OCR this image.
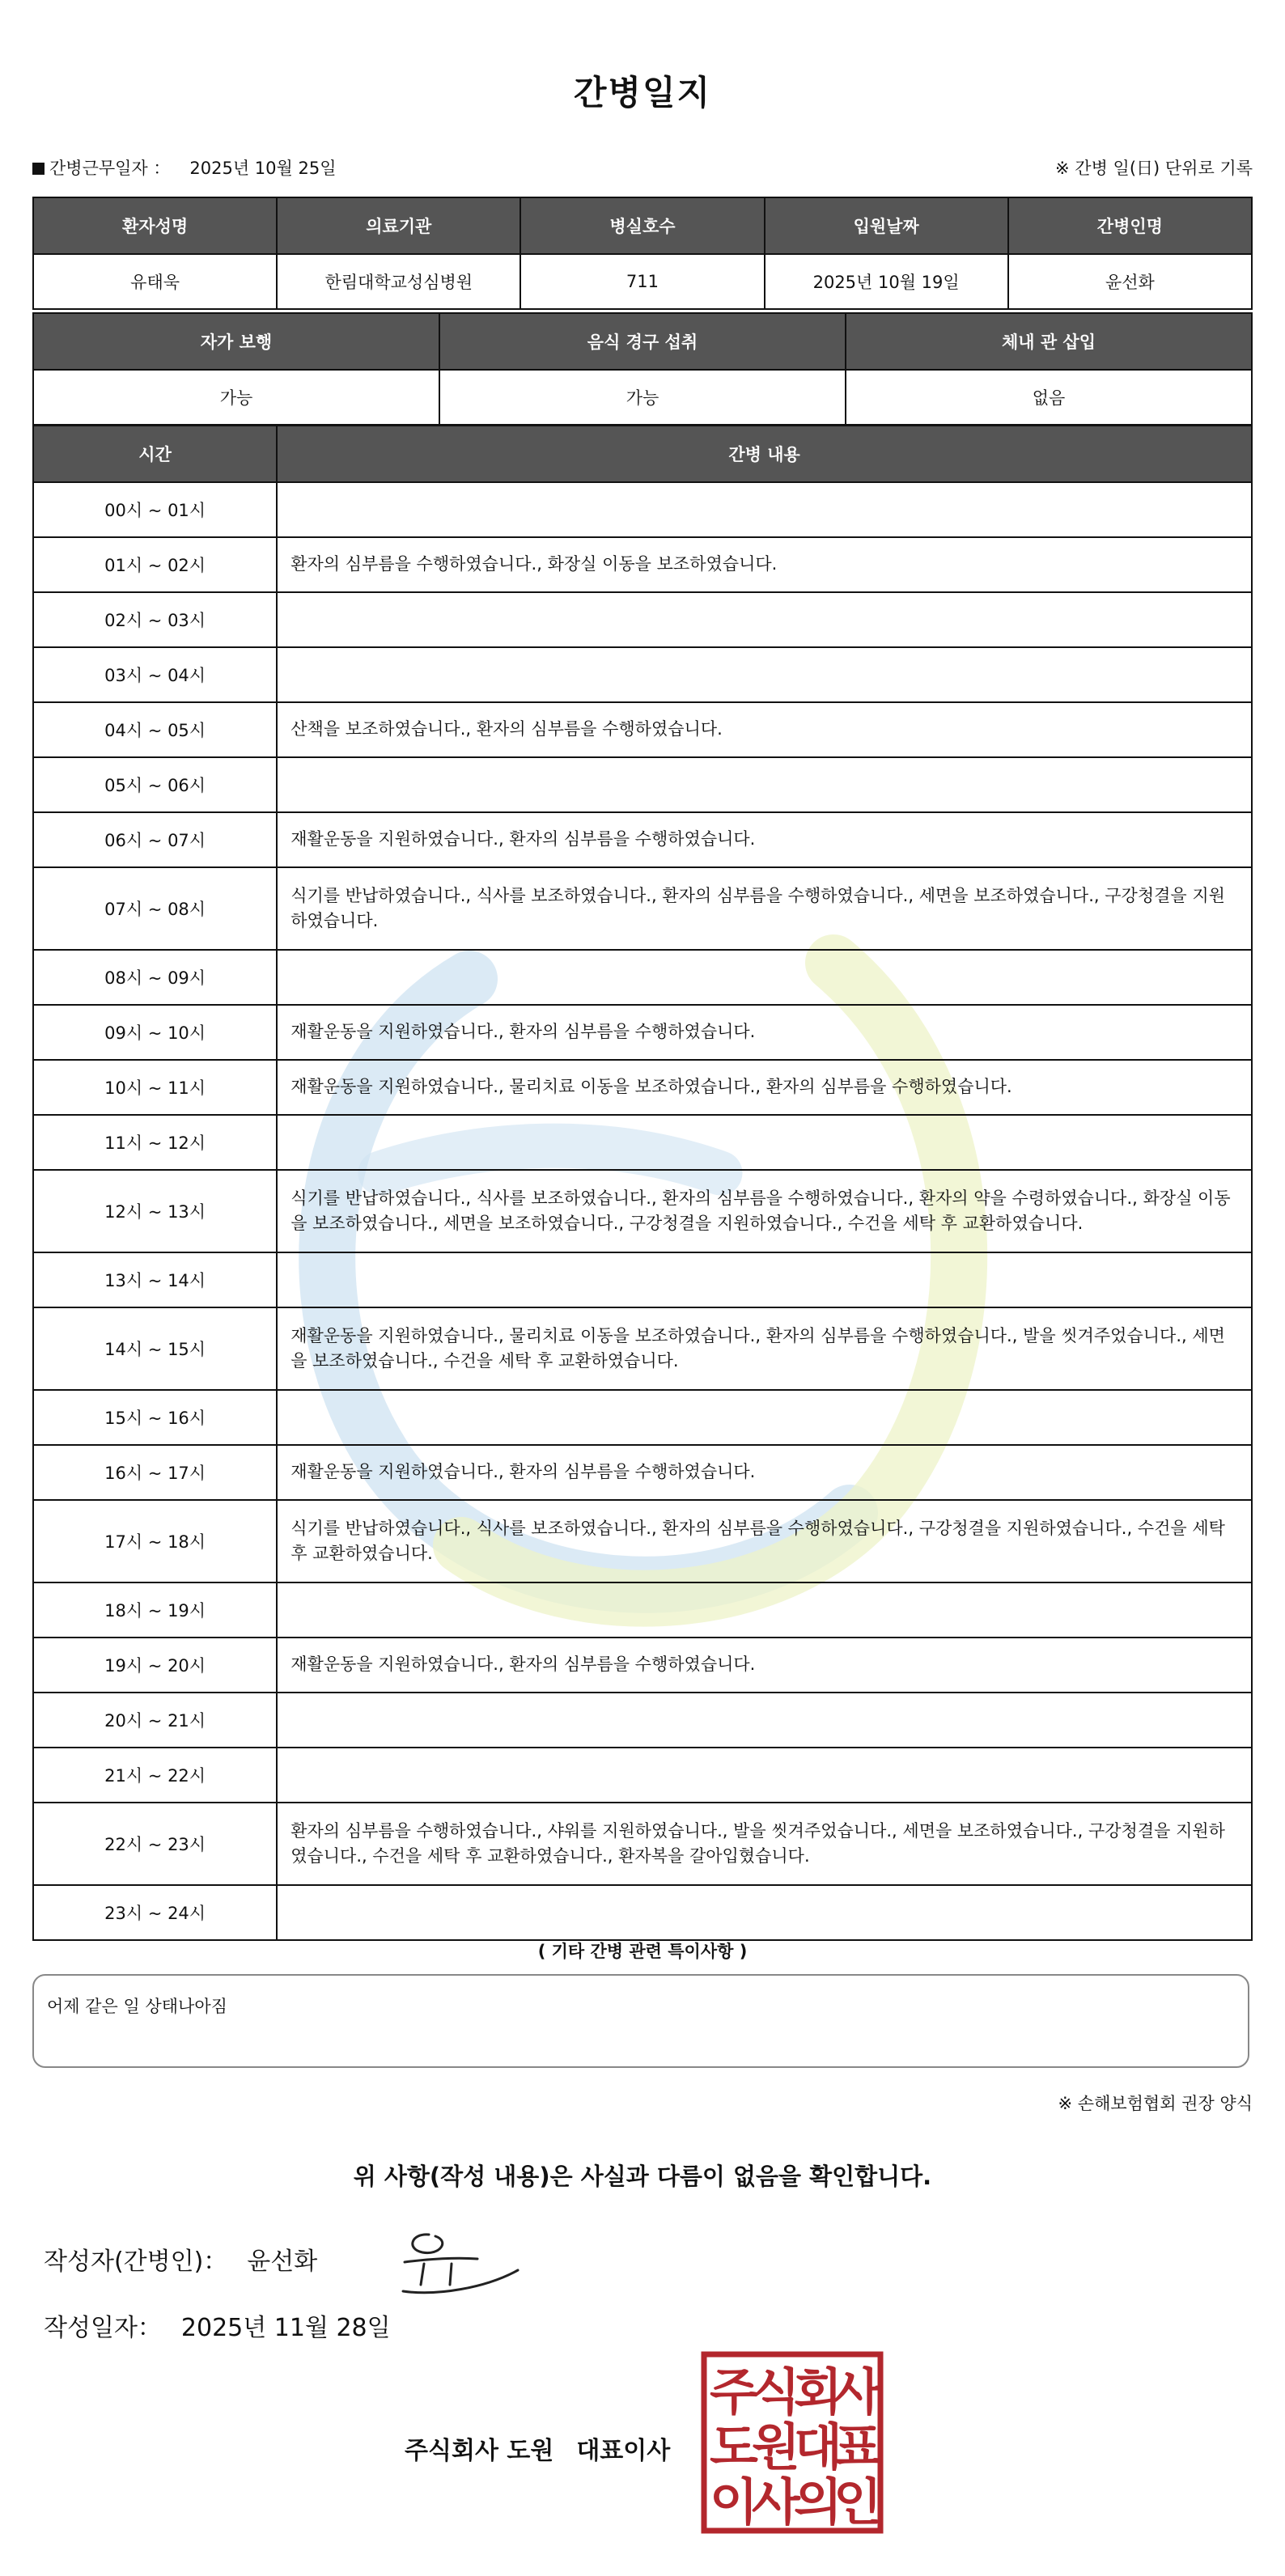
간병일지
간병근무일자 ： 2025년 10월 25일	※ 간병 일(日) 단위로 기록
환자성명	의료기관	병실호수	입원날짜	간병인명
유태욱	한림대학교성심병원	711	2025년 10월 19일	윤선화
자가 보행	음식 경구 섭취	체내 관 삽입
가능	가능	없음
시간	간병 내용
00시 ~ 01시	
01시 ~ 02시	환자의 심부름을 수행하였습니다., 화장실 이동을 보조하였습니다.
02시 ~ 03시	
03시 ~ 04시	
04시 ~ 05시	산책을 보조하였습니다., 환자의 심부름을 수행하였습니다.
05시 ~ 06시	
06시 ~ 07시	재활운동을 지원하였습니다., 환자의 심부름을 수행하였습니다.
07시 ~ 08시	식기를 반납하였습니다., 식사를 보조하였습니다., 환자의 심부름을 수행하였습니다., 세면을 보조하였습니다., 구강청결을 지원하였습니다.
08시 ~ 09시	
09시 ~ 10시	재활운동을 지원하였습니다., 환자의 심부름을 수행하였습니다.
10시 ~ 11시	재활운동을 지원하였습니다., 물리치료 이동을 보조하였습니다., 환자의 심부름을 수행하였습니다.
11시 ~ 12시	
12시 ~ 13시	식기를 반납하였습니다., 식사를 보조하였습니다., 환자의 심부름을 수행하였습니다., 환자의 약을 수령하였습니다., 화장실 이동을 보조하였습니다., 세면을 보조하였습니다., 구강청결을 지원하였습니다., 수건을 세탁 후 교환하였습니다.
13시 ~ 14시	
14시 ~ 15시	재활운동을 지원하였습니다., 물리치료 이동을 보조하였습니다., 환자의 심부름을 수행하였습니다., 발을 씻겨주었습니다., 세면을 보조하였습니다., 수건을 세탁 후 교환하였습니다.
15시 ~ 16시	
16시 ~ 17시	재활운동을 지원하였습니다., 환자의 심부름을 수행하였습니다.
17시 ~ 18시	식기를 반납하였습니다., 식사를 보조하였습니다., 환자의 심부름을 수행하였습니다., 구강청결을 지원하였습니다., 수건을 세탁 후 교환하였습니다.
18시 ~ 19시	
19시 ~ 20시	재활운동을 지원하였습니다., 환자의 심부름을 수행하였습니다.
20시 ~ 21시	
21시 ~ 22시	
22시 ~ 23시	환자의 심부름을 수행하였습니다., 샤워를 지원하였습니다., 발을 씻겨주었습니다., 세면을 보조하였습니다., 구강청결을 지원하였습니다., 수건을 세탁 후 교환하였습니다., 환자복을 갈아입혔습니다.
23시 ~ 24시	
( 기타 간병 관련 특이사항 )
어제 같은 일 상태나아짐
※ 손해보험협회 권장 양식
위 사항(작성 내용)은 사실과 다름이 없음을 확인합니다.
작성자(간병인)： 윤선화
작성일자： 2025년 11월 28일
주식회사 도원 대표이사
주
식
회
사
도
원
대
표
이
사
의
인
